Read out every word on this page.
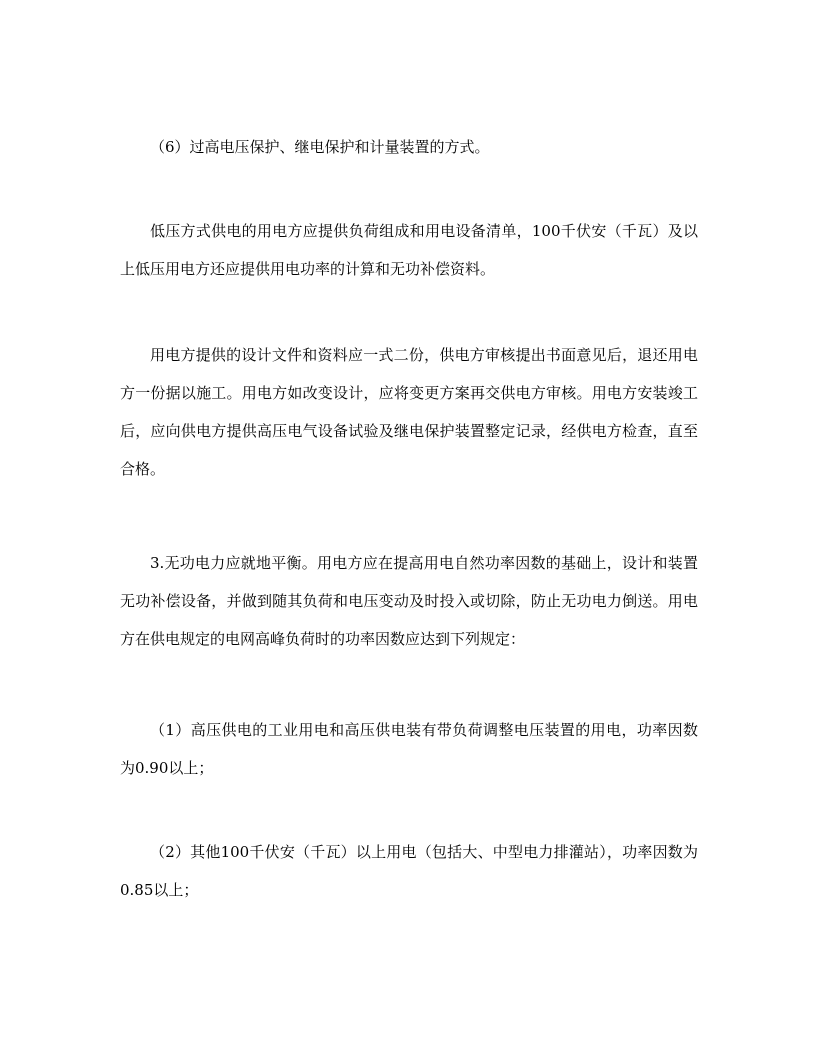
（6）过高电压保护、继电保护和计量装置的方式。

低压方式供电的用电方应提供负荷组成和用电设备清单，100千伏安（千瓦）及以上低压用电方还应提供用电功率的计算和无功补偿资料。

用电方提供的设计文件和资料应一式二份，供电方审核提出书面意见后，退还用电方一份据以施工。用电方如改变设计，应将变更方案再交供电方审核。用电方安装竣工后，应向供电方提供高压电气设备试验及继电保护装置整定记录，经供电方检查，直至合格。

3.无功电力应就地平衡。用电方应在提高用电自然功率因数的基础上，设计和装置无功补偿设备，并做到随其负荷和电压变动及时投入或切除，防止无功电力倒送。用电方在供电规定的电网高峰负荷时的功率因数应达到下列规定：

（1）高压供电的工业用电和高压供电装有带负荷调整电压装置的用电，功率因数为0.90以上；

（2）其他100千伏安（千瓦）以上用电（包括大、中型电力排灌站），功率因数为0.85以上；
